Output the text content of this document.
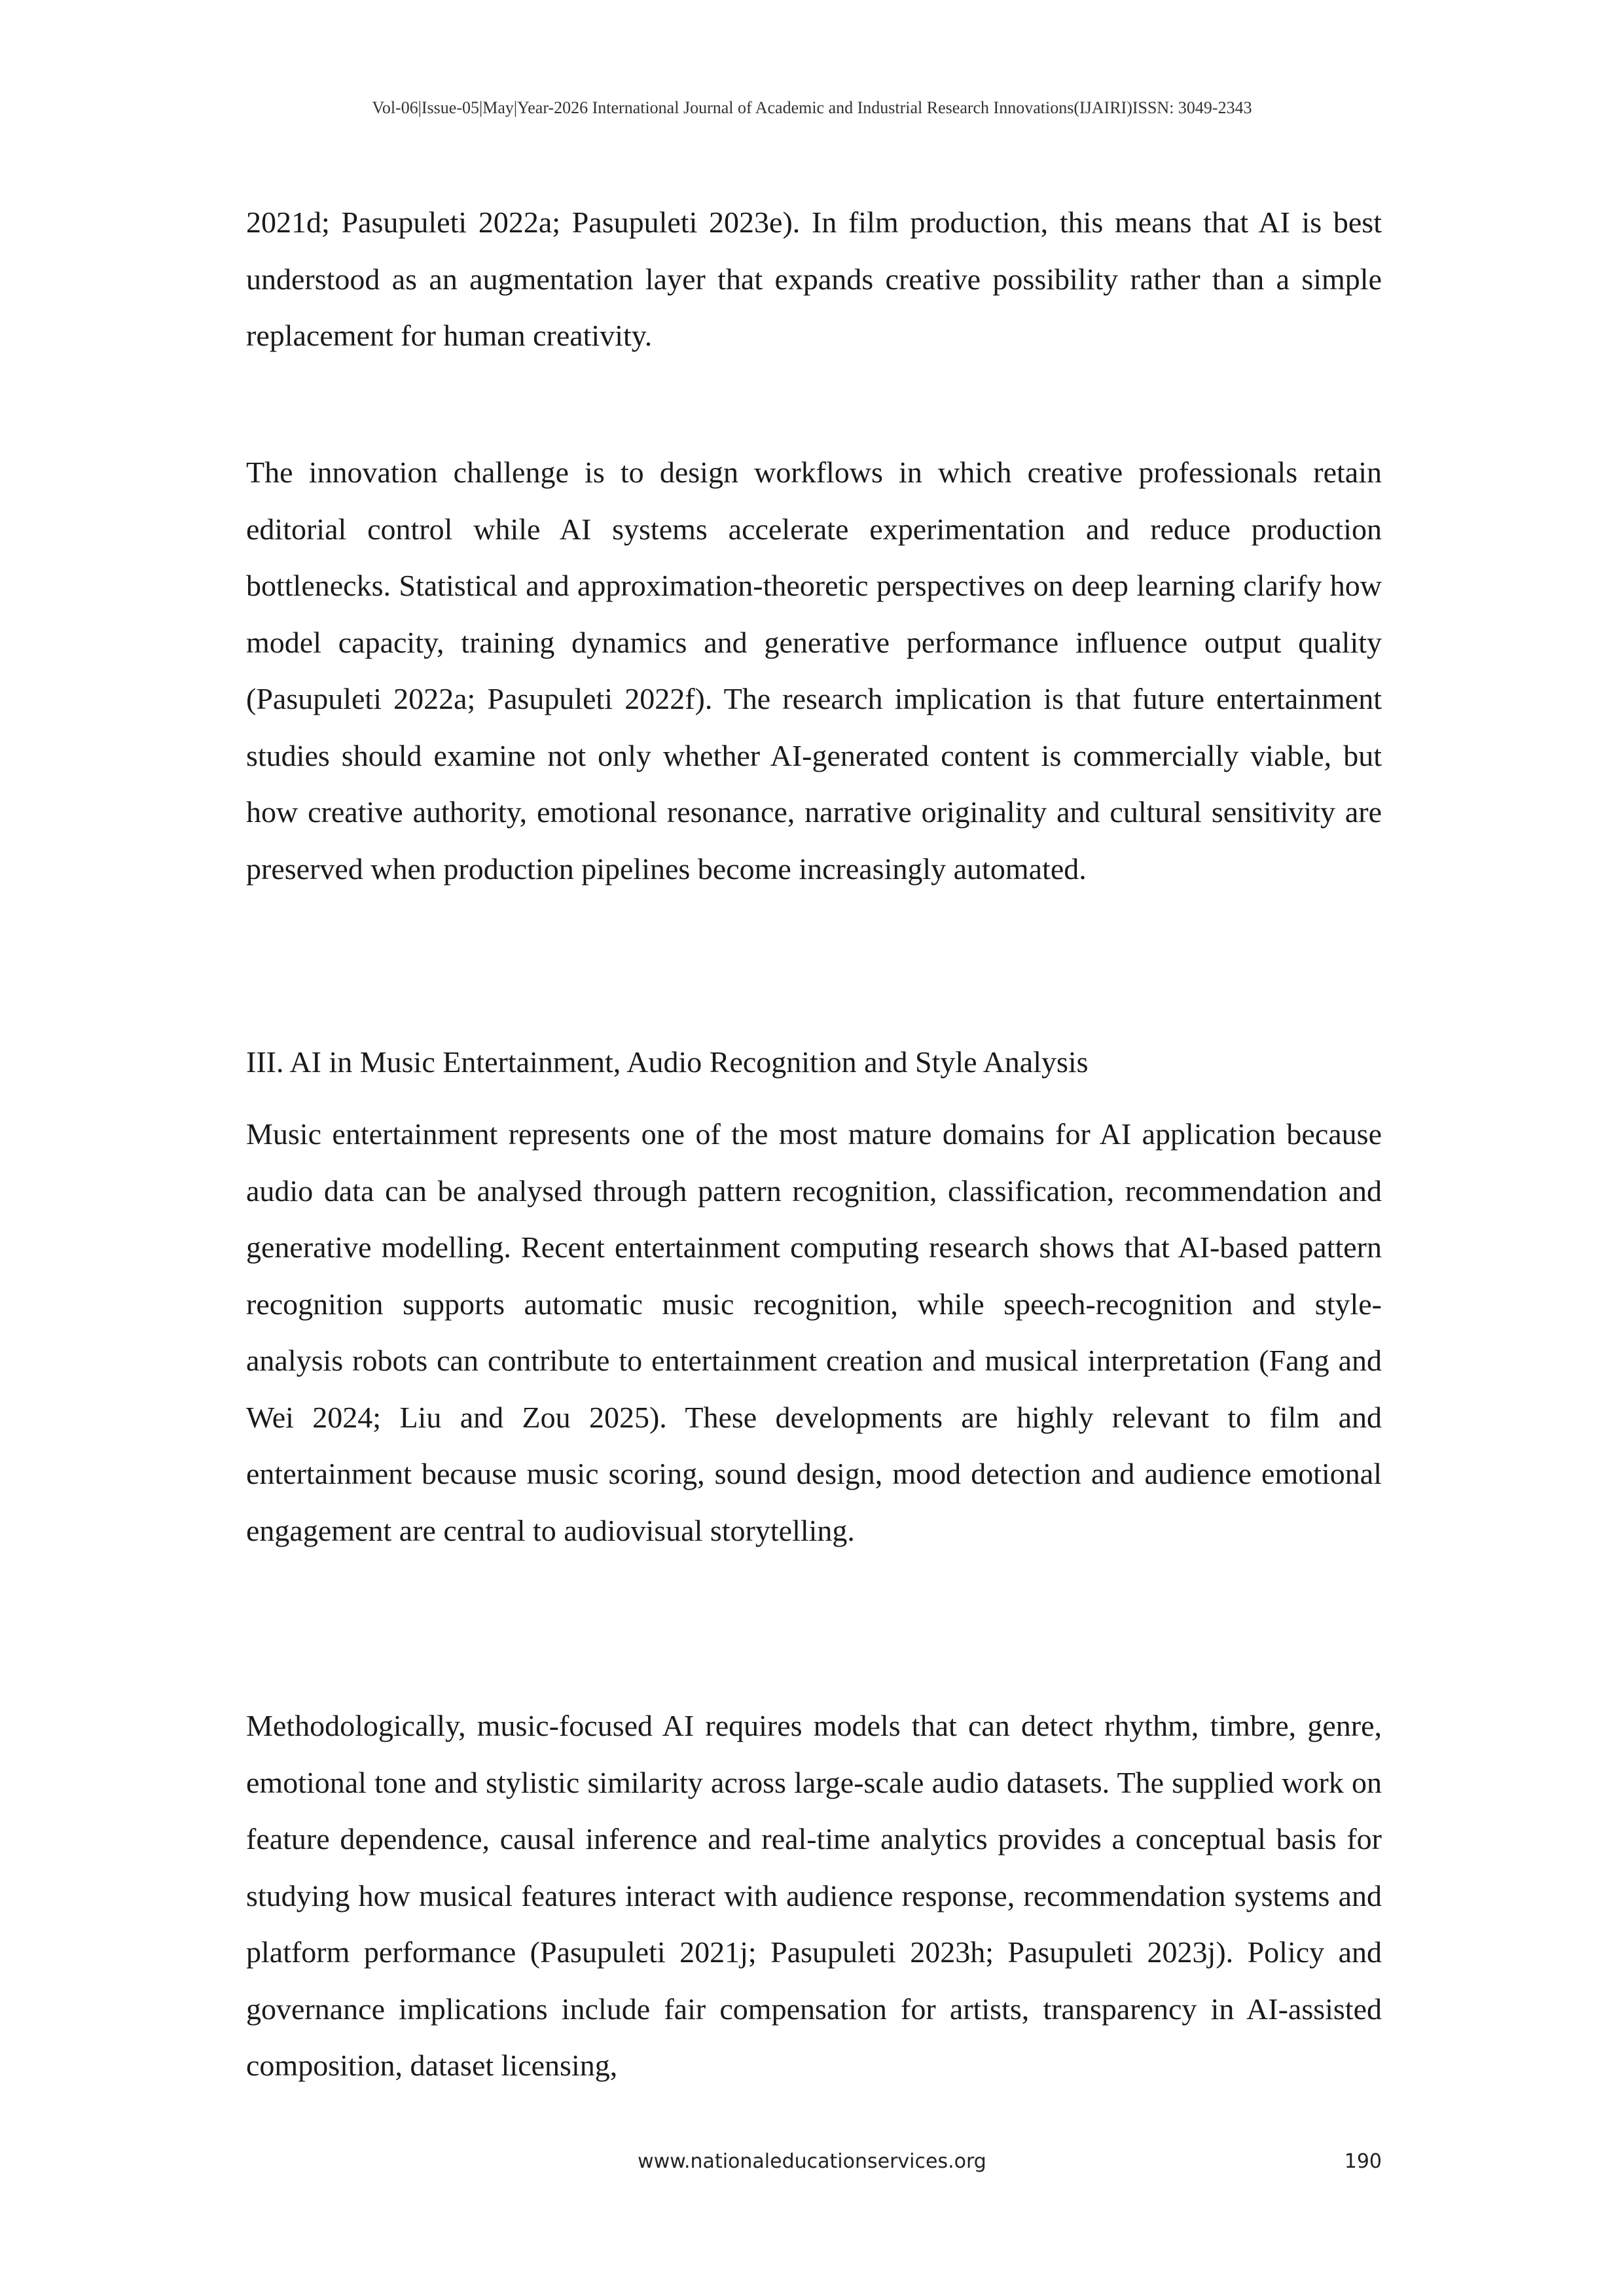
Vol-06|Issue-05|May|Year-2026 International Journal of Academic and Industrial Research Innovations(IJAIRI)ISSN: 3049-2343

2021d; Pasupuleti 2022a; Pasupuleti 2023e). In film production, this means that AI is best understood as an augmentation layer that expands creative possibility rather than a simple replacement for human creativity.

The innovation challenge is to design workflows in which creative professionals retain editorial control while AI systems accelerate experimentation and reduce production bottlenecks. Statistical and approximation-theoretic perspectives on deep learning clarify how model capacity, training dynamics and generative performance influence output quality (Pasupuleti 2022a; Pasupuleti 2022f). The research implication is that future entertainment studies should examine not only whether AI-generated content is commercially viable, but how creative authority, emotional resonance, narrative originality and cultural sensitivity are preserved when production pipelines become increasingly automated.

III. AI in Music Entertainment, Audio Recognition and Style Analysis

Music entertainment represents one of the most mature domains for AI application because audio data can be analysed through pattern recognition, classification, recommendation and generative modelling. Recent entertainment computing research shows that AI-based pattern recognition supports automatic music recognition, while speech-recognition and style-analysis robots can contribute to entertainment creation and musical interpretation (Fang and Wei 2024; Liu and Zou 2025). These developments are highly relevant to film and entertainment because music scoring, sound design, mood detection and audience emotional engagement are central to audiovisual storytelling.

Methodologically, music-focused AI requires models that can detect rhythm, timbre, genre, emotional tone and stylistic similarity across large-scale audio datasets. The supplied work on feature dependence, causal inference and real-time analytics provides a conceptual basis for studying how musical features interact with audience response, recommendation systems and platform performance (Pasupuleti 2021j; Pasupuleti 2023h; Pasupuleti 2023j). Policy and governance implications include fair compensation for artists, transparency in AI-assisted composition, dataset licensing,

www.nationaleducationservices.org	190
